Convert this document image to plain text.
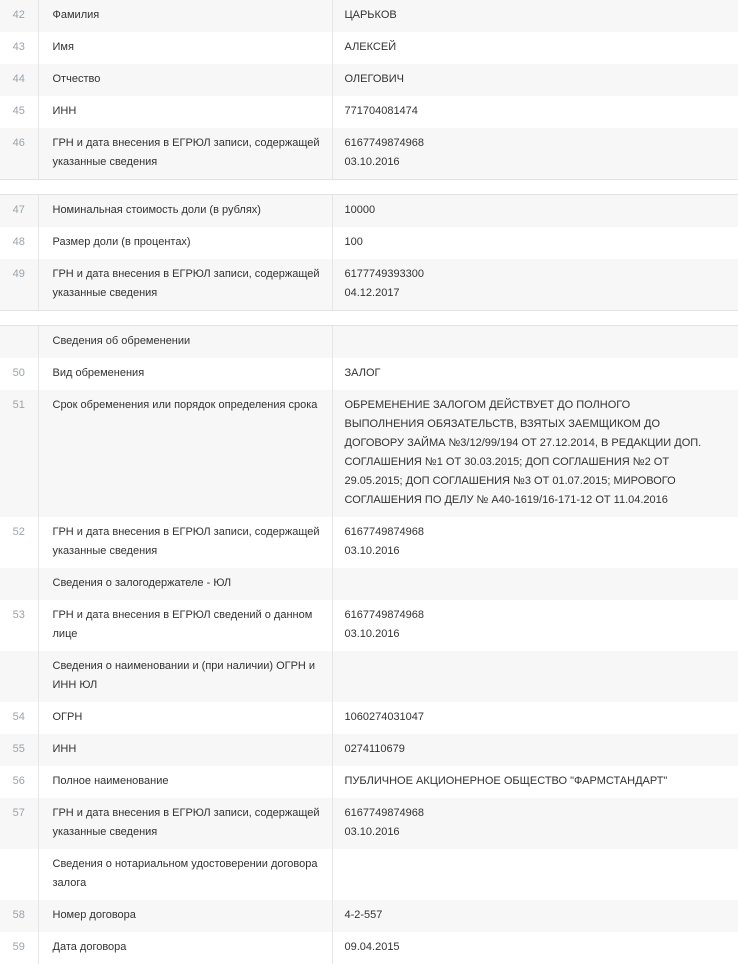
42	Фамилия	ЦАРЬКОВ

43	Имя	АЛЕКСЕЙ

44	Отчество	ОЛЕГОВИЧ

45	ИНН	771704081474

46	ГРН и дата внесения в ЕГРЮЛ записи, содержащей указанные сведения	6167749874968
03.10.2016

47	Номинальная стоимость доли (в рублях)	10000

48	Размер доли (в процентах)	100

49	ГРН и дата внесения в ЕГРЮЛ записи, содержащей указанные сведения	6177749393300
04.12.2017

	Сведения об обременении	
50	Вид обременения	ЗАЛОГ

51	Срок обременения или порядок определения срока	ОБРЕМЕНЕНИЕ ЗАЛОГОМ ДЕЙСТВУЕТ ДО ПОЛНОГО ВЫПОЛНЕНИЯ ОБЯЗАТЕЛЬСТВ, ВЗЯТЫХ ЗАЕМЩИКОМ ДО ДОГОВОРУ ЗАЙМА №3/12/99/194 ОТ 27.12.2014, В РЕДАКЦИИ ДОП. СОГЛАШЕНИЯ №1 ОТ 30.03.2015; ДОП СОГЛАШЕНИЯ №2 ОТ 29.05.2015; ДОП СОГЛАШЕНИЯ №3 ОТ 01.07.2015; МИРОВОГО СОГЛАШЕНИЯ ПО ДЕЛУ № А40-1619/16-171-12 ОТ 11.04.2016

52	ГРН и дата внесения в ЕГРЮЛ записи, содержащей указанные сведения	6167749874968
03.10.2016

	Сведения о залогодержателе - ЮЛ	
53	ГРН и дата внесения в ЕГРЮЛ сведений о данном лице	6167749874968
03.10.2016

	Сведения о наименовании и (при наличии) ОГРН и ИНН ЮЛ	
54	ОГРН	1060274031047

55	ИНН	0274110679

56	Полное наименование	ПУБЛИЧНОЕ АКЦИОНЕРНОЕ ОБЩЕСТВО "ФАРМСТАНДАРТ"

57	ГРН и дата внесения в ЕГРЮЛ записи, содержащей указанные сведения	6167749874968
03.10.2016

	Сведения о нотариальном удостоверении договора залога	
58	Номер договора	4-2-557

59	Дата договора	09.04.2015
